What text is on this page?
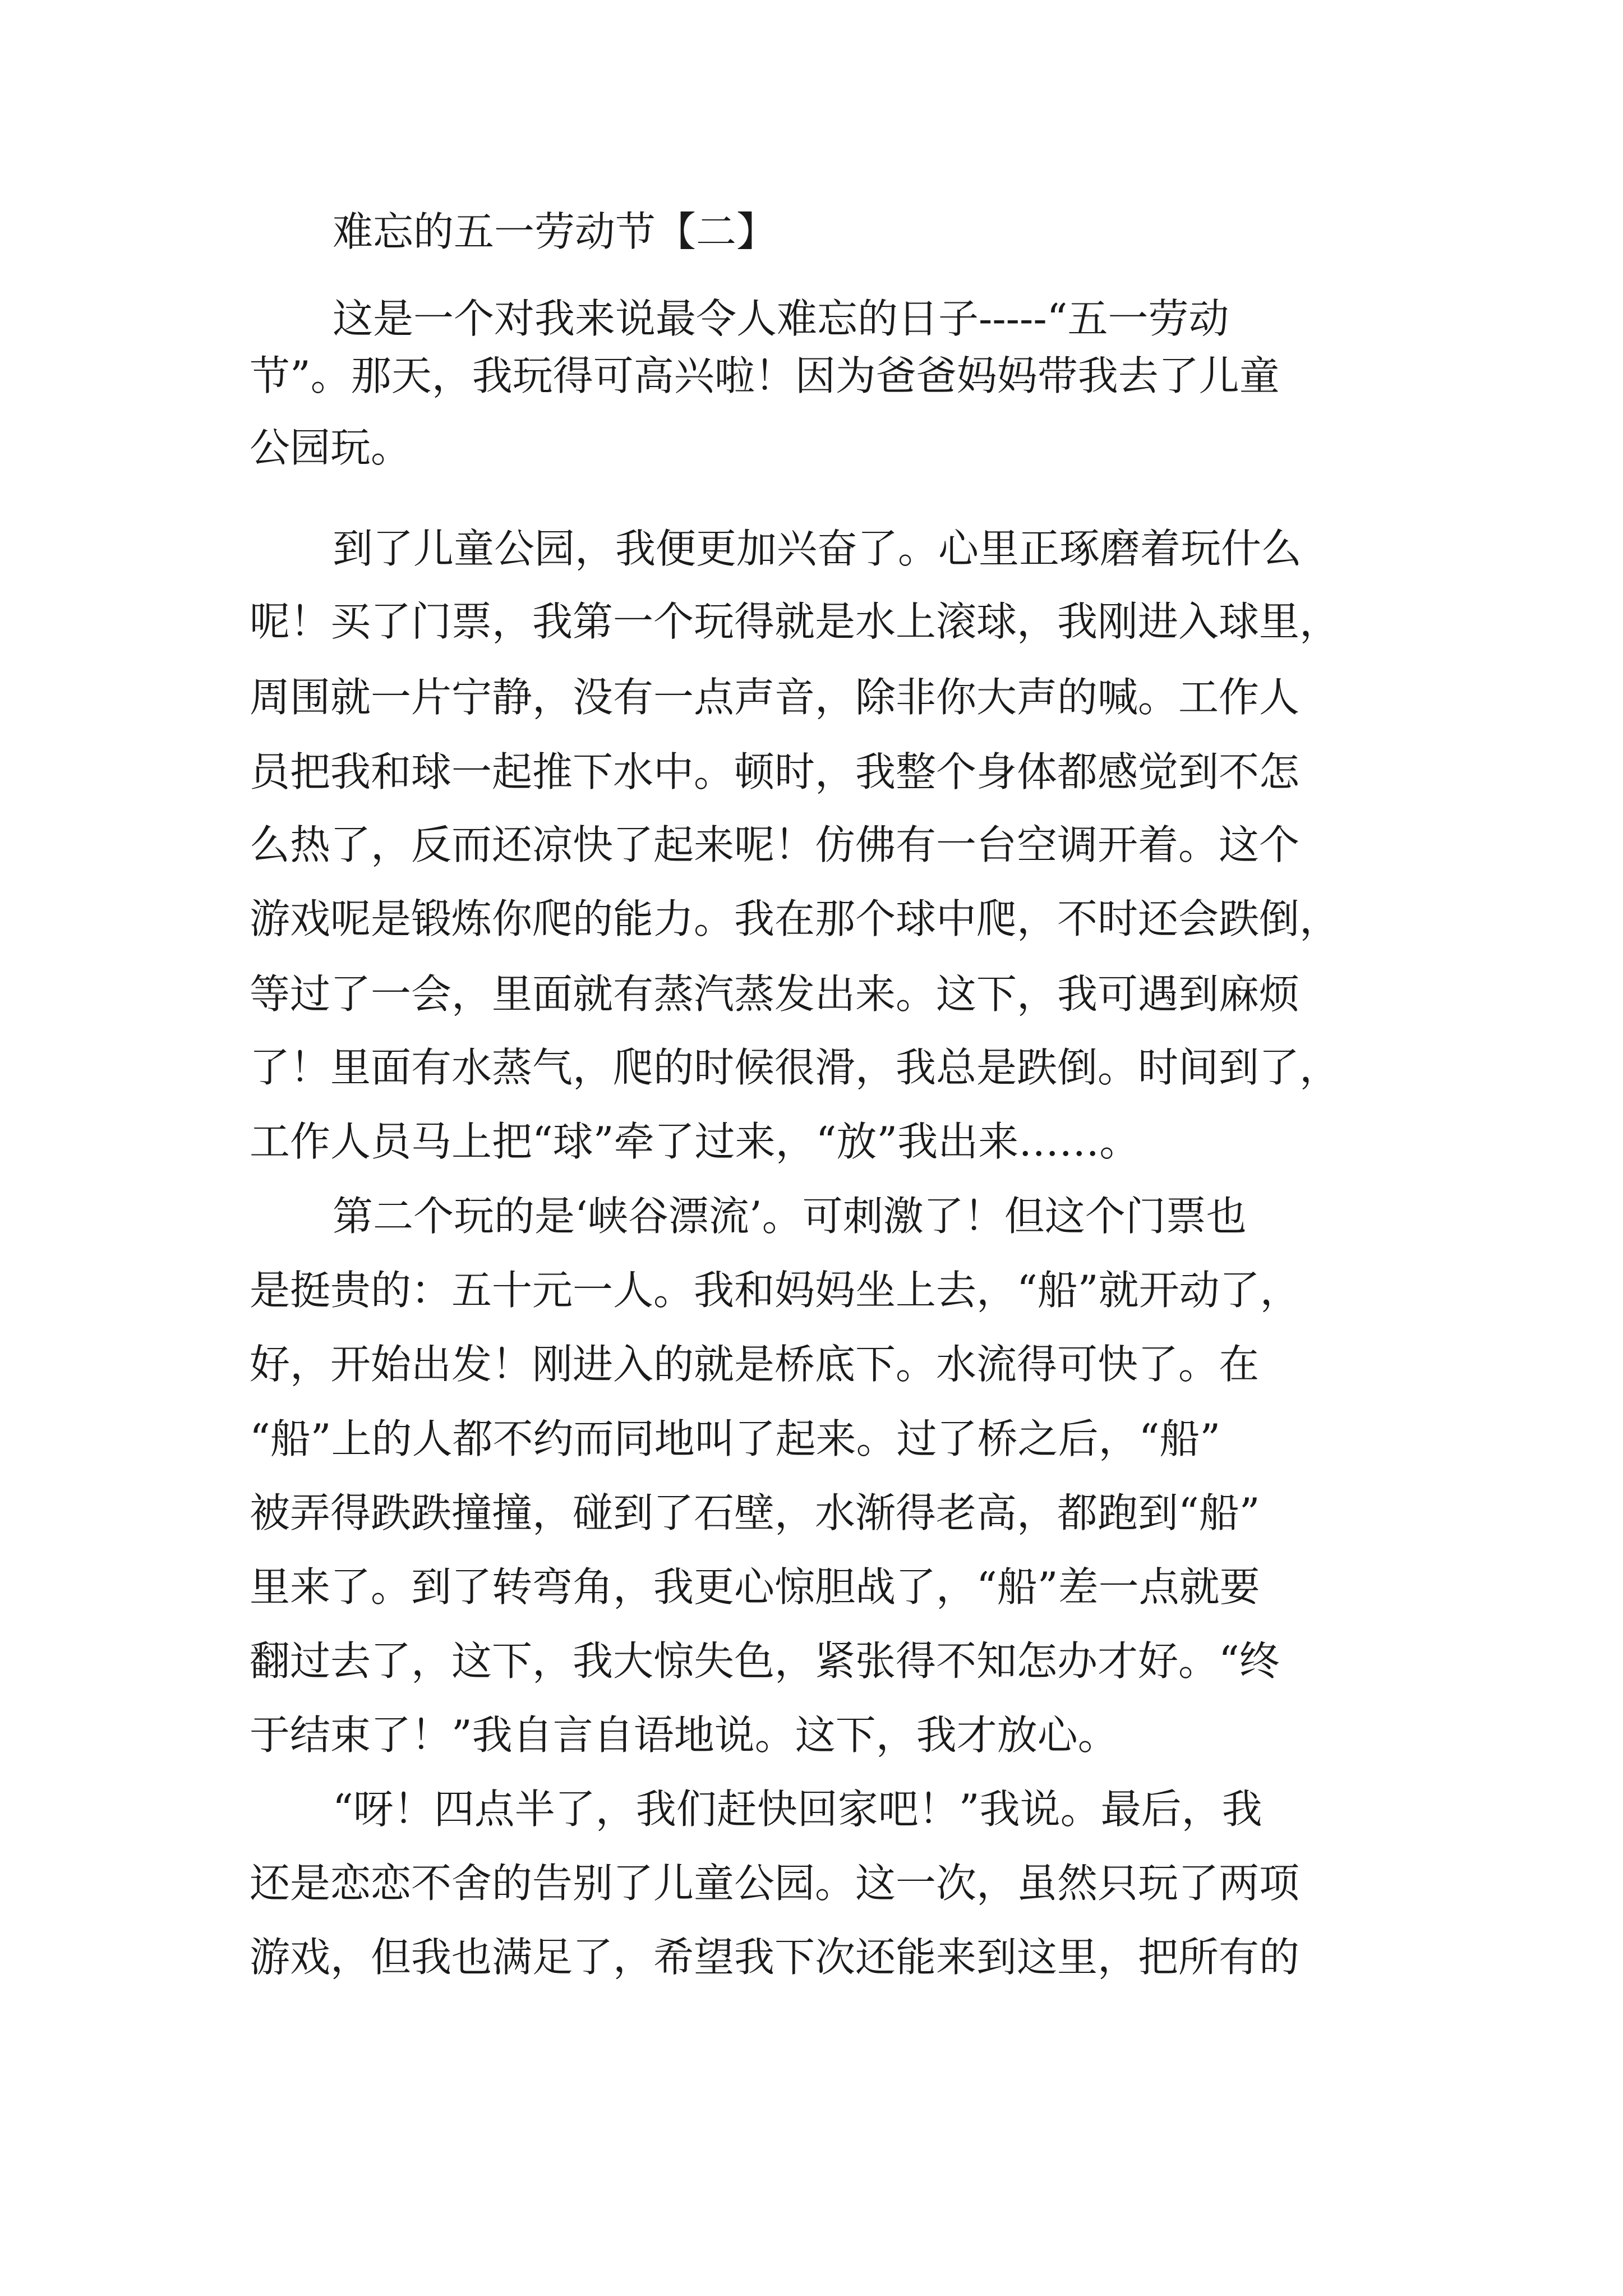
难忘的五一劳动节【二】
这是一个对我来说最令人难忘的日子-----“五一劳动
节”。那天，我玩得可高兴啦！因为爸爸妈妈带我去了儿童
公园玩。
到了儿童公园，我便更加兴奋了。心里正琢磨着玩什么
呢！买了门票，我第一个玩得就是水上滚球，我刚进入球里，
周围就一片宁静，没有一点声音，除非你大声的喊。工作人
员把我和球一起推下水中。顿时，我整个身体都感觉到不怎
么热了，反而还凉快了起来呢！仿佛有一台空调开着。这个
游戏呢是锻炼你爬的能力。我在那个球中爬，不时还会跌倒，
等过了一会，里面就有蒸汽蒸发出来。这下，我可遇到麻烦
了！里面有水蒸气，爬的时候很滑，我总是跌倒。时间到了，
工作人员马上把“球”牵了过来，“放”我出来……。
第二个玩的是‘峡谷漂流’。可刺激了！但这个门票也
是挺贵的：五十元一人。我和妈妈坐上去，“船”就开动了，
好，开始出发！刚进入的就是桥底下。水流得可快了。在
“船”上的人都不约而同地叫了起来。过了桥之后，“船”
被弄得跌跌撞撞，碰到了石壁，水渐得老高，都跑到“船”
里来了。到了转弯角，我更心惊胆战了，“船”差一点就要
翻过去了，这下，我大惊失色，紧张得不知怎办才好。“终
于结束了！”我自言自语地说。这下，我才放心。
“呀！四点半了，我们赶快回家吧！”我说。最后，我
还是恋恋不舍的告别了儿童公园。这一次，虽然只玩了两项
游戏，但我也满足了，希望我下次还能来到这里，把所有的
